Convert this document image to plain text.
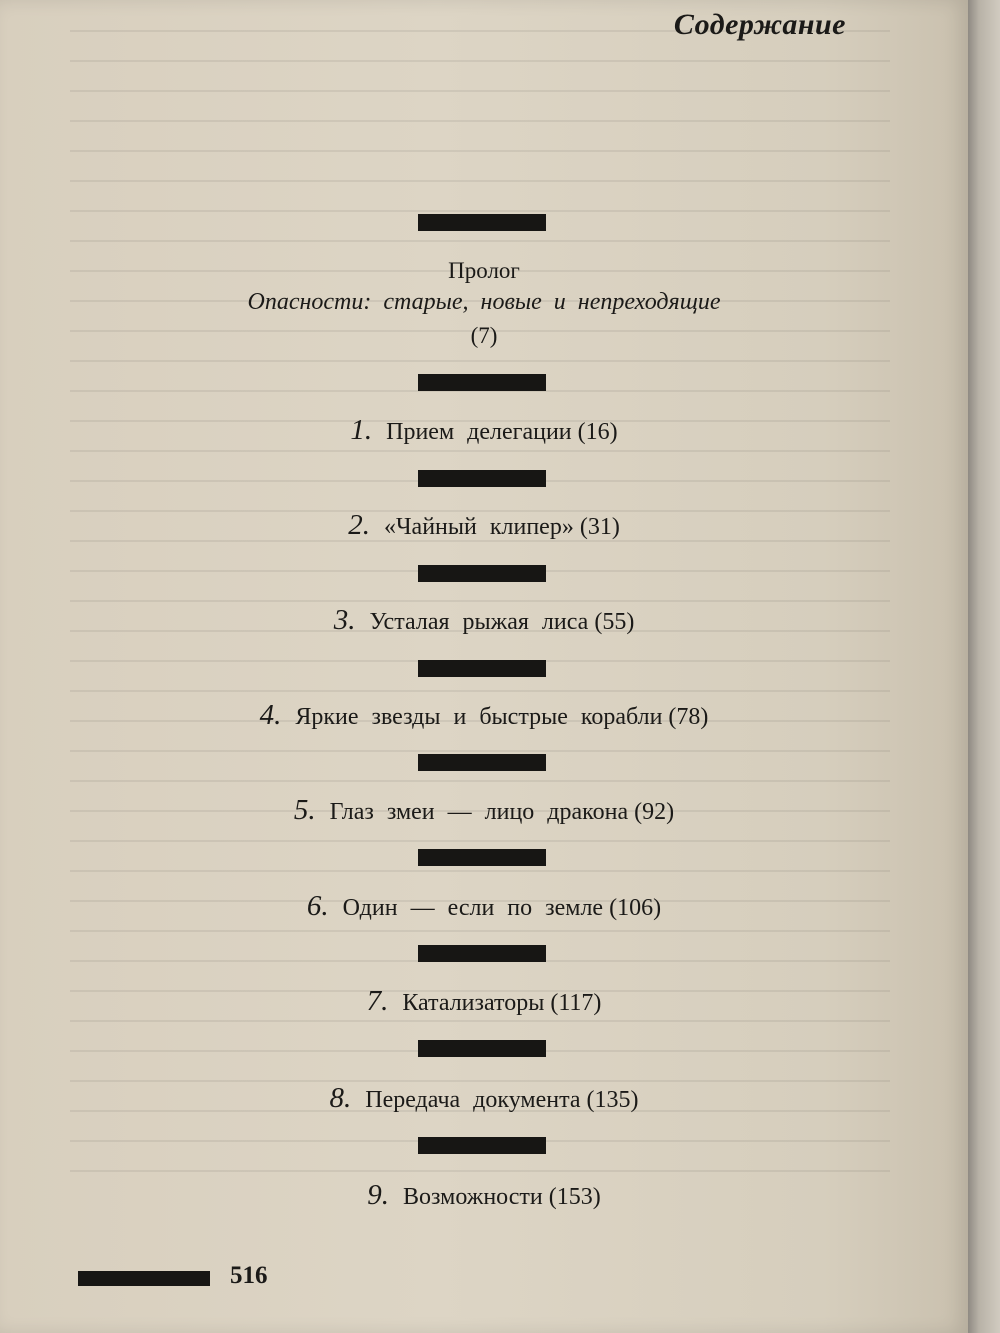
Содержание
Пролог
Опасности: старые, новые и непреходящие
(7)
1. Прием делегации (16)
2. «Чайный клипер» (31)
3. Усталая рыжая лиса (55)
4. Яркие звезды и быстрые корабли (78)
5. Глаз змеи — лицо дракона (92)
6. Один — если по земле (106)
7. Катализаторы (117)
8. Передача документа (135)
9. Возможности (153)
516
